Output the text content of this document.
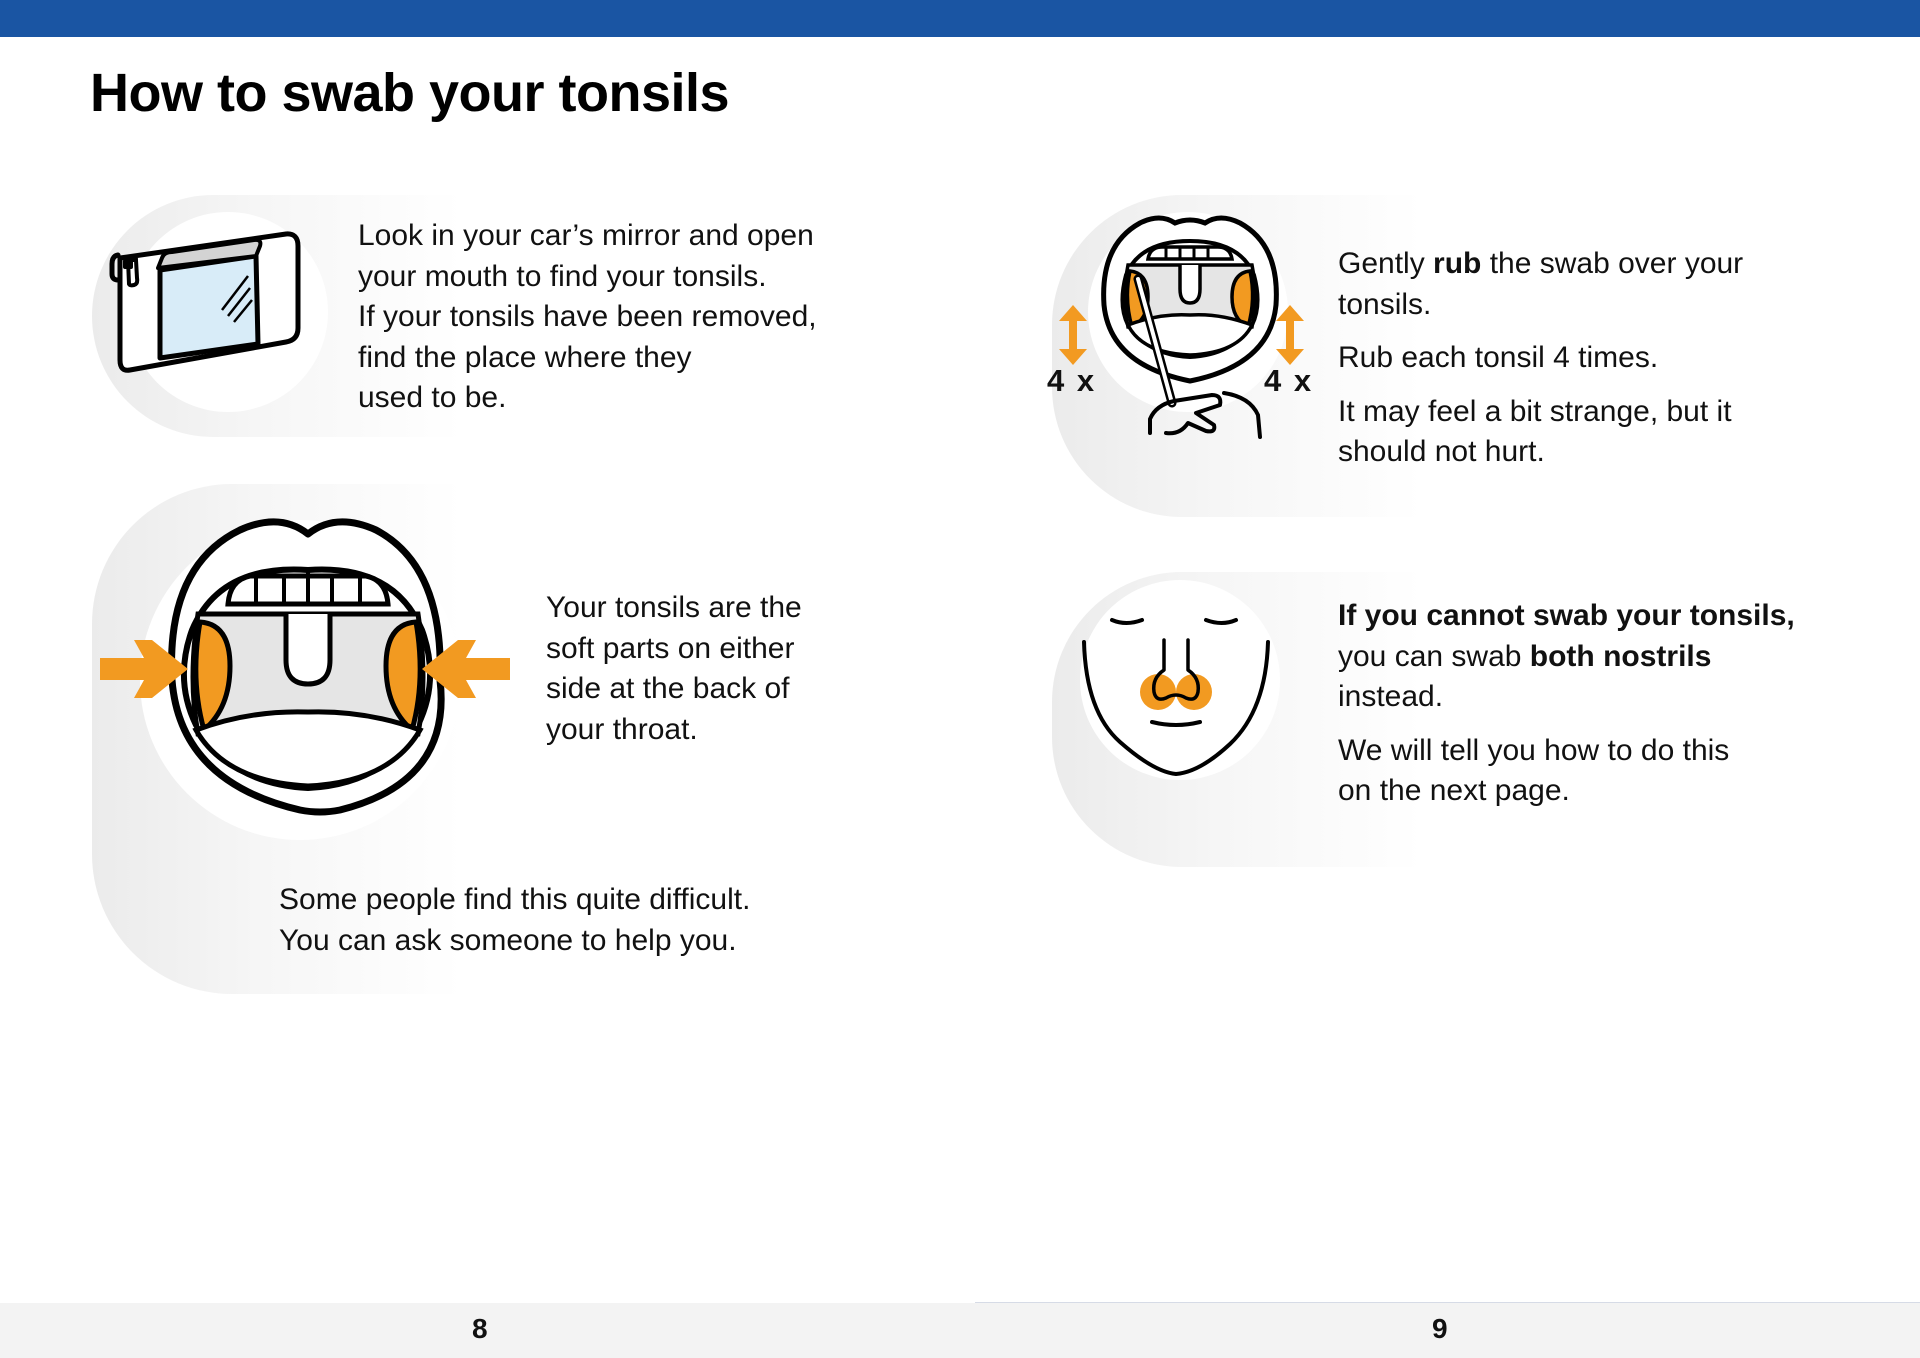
How to swab your tonsils
Look in your car’s mirror and open
your mouth to find your tonsils.
If your tonsils have been removed,
find the place where they
used to be.
Your tonsils are the
soft parts on either
side at the back of
your throat.
Some people find this quite difficult.
You can ask someone to help you.
4 x	4 x

Gently rub the swab over your
tonsils.

Rub each tonsil 4 times.

It may feel a bit strange, but it
should not hurt.

If you cannot swab your tonsils,
you can swab both nostrils
instead.

We will tell you how to do this
on the next page.

8	9
